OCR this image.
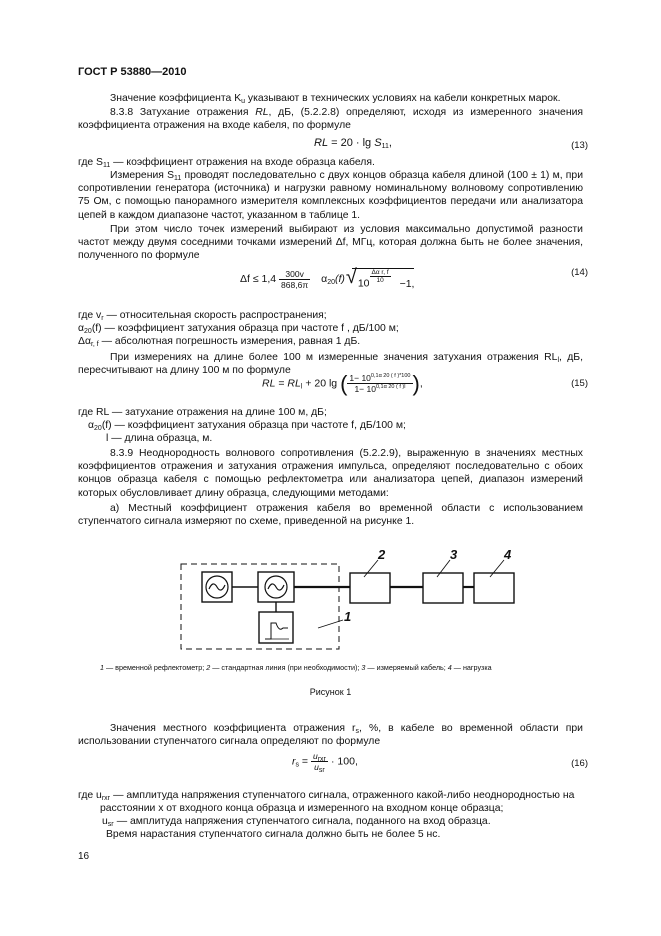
ГОСТ Р 53880—2010
Значение коэффициента $K_u$ указывают в технических условиях на кабели конкретных марок.
8.3.8 Затухание отражения RL, дБ, (5.2.2.8) определяют, исходя из измеренного значения коэффициента отражения на входе кабеля, по формуле
RL = $20 \cdot \lg S_{11}$,	(13)
где $S_{11}$ — коэффициент отражения на входе образца кабеля.
Измерения $S_{11}$ проводят последовательно с двух концов образца кабеля длиной (100 ± 1) м, при сопротивлении генератора (источника) и нагрузки равному номинальному волновому сопротивлению 75 Ом, с помощью панорамного измерителя комплексных коэффициентов передачи или анализатора цепей в каждом диапазоне частот, указанном в таблице 1.
При этом число точек измерений выбирают из условия максимально допустимой разности частот между двумя соседними точками измерений Δf, МГц, которая должна быть не более значения, полученного по формуле
$\Delta f \le 1,4 \frac{300v}{868,6\pi} \alpha_{20}(f)$ √ $10 \frac{\text{Δα r, f}}{10} -1$,
(14)
где $v_r$ — относительная скорость распространения;
$\alpha_{20}(f)$ — коэффициент затухания образца при частоте f , дБ/100 м;
$\Delta\alpha_{r, f}$ — абсолютная погрешность измерения, равная 1 дБ.
При измерениях на длине более 100 м измеренные значения затухания отражения $RL_l$, дБ, пересчитывают на длину 100 м по формуле
RL = $RL_l + 20$ lg ( $\frac{1- 10^{0,1\alpha 20 ( f )*100}}{1- 10^{0,1\alpha 20 ( f )l}}$ ),	(15)
где RL — затухание отражения на длине 100 м, дБ;
$\alpha_{20}(f)$ — коэффициент затухания образца при частоте f, дБ/100 м;
l — длина образца, м.
8.3.9 Неоднородность волнового сопротивления (5.2.2.9), выраженную в значениях местных коэффициентов отражения и затухания отражения импульса, определяют последовательно с обоих концов образца кабеля с помощью рефлектометра или анализатора цепей, диапазон измерений которых обусловливает длину образца, следующими методами:
а) Местный коэффициент отражения кабеля во временной области с использованием ступенчатого сигнала измеряют по схеме, приведенной на рисунке 1.
1
2	3	4
1 — временной рефлектометр; 2 — стандартная линия (при необходимости); 3 — измеряемый кабель; 4 — нагрузка
Рисунок 1
Значения местного коэффициента отражения $r_s$, %, в кабеле во временной области при использовании ступенчатого сигнала определяют по формуле
$r_s = \frac{u_{rxг}}{u_{sг}} \cdot 100$,	(16)
где $u_{rxг}$ — амплитуда напряжения ступенчатого сигнала, отраженного какой-либо неоднородностью на расстоянии x от входного конца образца и измеренного на входном конце образца;
$u_{sг}$ — амплитуда напряжения ступенчатого сигнала, поданного на вход образца.
Время нарастания ступенчатого сигнала должно быть не более 5 нс.
16
